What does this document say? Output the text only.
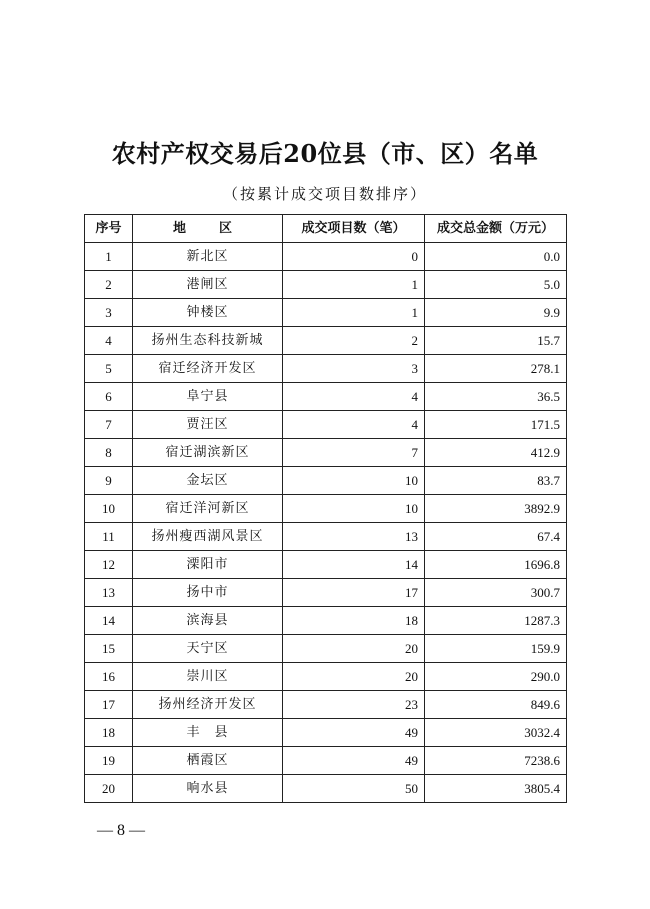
农村产权交易后20位县（市、区）名单
（按累计成交项目数排序）
序号	地　区	成交项目数（笔）	成交总金额（万元）
1	新北区	0	0.0
2	港闸区	1	5.0
3	钟楼区	1	9.9
4	扬州生态科技新城	2	15.7
5	宿迁经济开发区	3	278.1
6	阜宁县	4	36.5
7	贾汪区	4	171.5
8	宿迁湖滨新区	7	412.9
9	金坛区	10	83.7
10	宿迁洋河新区	10	3892.9
11	扬州瘦西湖风景区	13	67.4
12	溧阳市	14	1696.8
13	扬中市	17	300.7
14	滨海县	18	1287.3
15	天宁区	20	159.9
16	崇川区	20	290.0
17	扬州经济开发区	23	849.6
18	丰　县	49	3032.4
19	栖霞区	49	7238.6
20	响水县	50	3805.4
— 8 —
